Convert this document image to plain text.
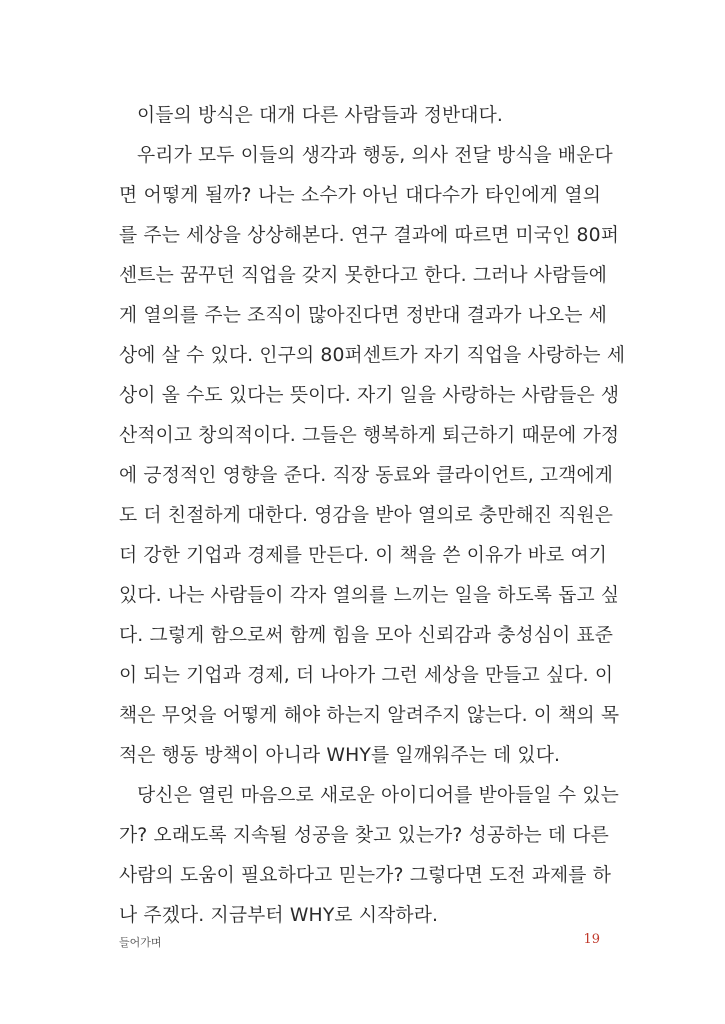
이들의 방식은 대개 다른 사람들과 정반대다.
우리가 모두 이들의 생각과 행동, 의사 전달 방식을 배운다
면 어떻게 될까? 나는 소수가 아닌 대다수가 타인에게 열의
를 주는 세상을 상상해본다. 연구 결과에 따르면 미국인 80퍼
센트는 꿈꾸던 직업을 갖지 못한다고 한다. 그러나 사람들에
게 열의를 주는 조직이 많아진다면 정반대 결과가 나오는 세
상에 살 수 있다. 인구의 80퍼센트가 자기 직업을 사랑하는 세
상이 올 수도 있다는 뜻이다. 자기 일을 사랑하는 사람들은 생
산적이고 창의적이다. 그들은 행복하게 퇴근하기 때문에 가정
에 긍정적인 영향을 준다. 직장 동료와 클라이언트, 고객에게
도 더 친절하게 대한다. 영감을 받아 열의로 충만해진 직원은
더 강한 기업과 경제를 만든다. 이 책을 쓴 이유가 바로 여기
있다. 나는 사람들이 각자 열의를 느끼는 일을 하도록 돕고 싶
다. 그렇게 함으로써 함께 힘을 모아 신뢰감과 충성심이 표준
이 되는 기업과 경제, 더 나아가 그런 세상을 만들고 싶다. 이
책은 무엇을 어떻게 해야 하는지 알려주지 않는다. 이 책의 목
적은 행동 방책이 아니라 WHY를 일깨워주는 데 있다.
당신은 열린 마음으로 새로운 아이디어를 받아들일 수 있는
가? 오래도록 지속될 성공을 찾고 있는가? 성공하는 데 다른
사람의 도움이 필요하다고 믿는가? 그렇다면 도전 과제를 하
나 주겠다. 지금부터 WHY로 시작하라.
들어가며	19
